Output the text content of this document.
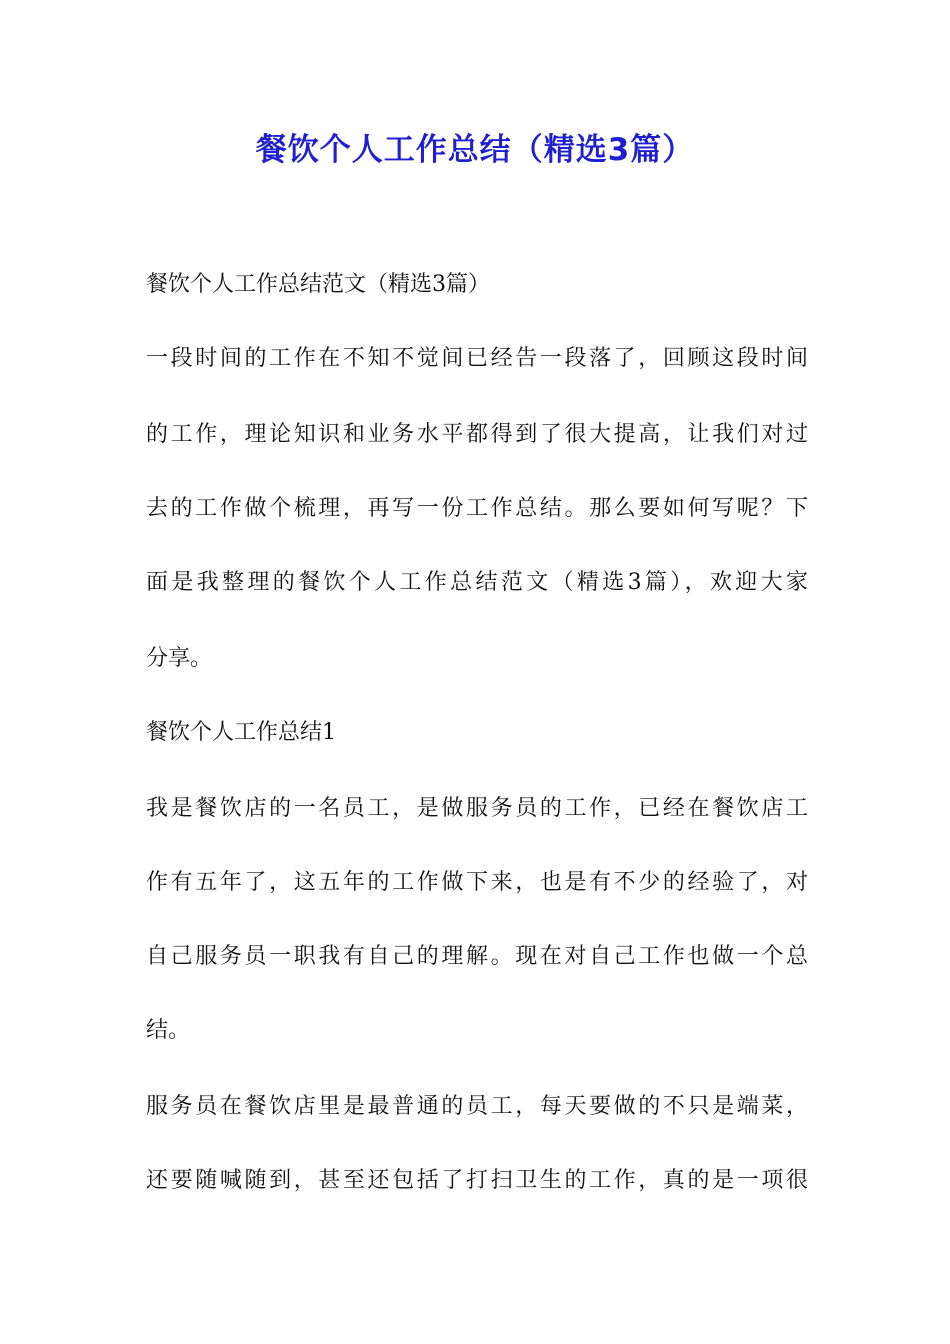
餐饮个人工作总结（精选3篇）
餐饮个人工作总结范文（精选3篇）
一段时间的工作在不知不觉间已经告一段落了，回顾这段时间
的工作，理论知识和业务水平都得到了很大提高，让我们对过
去的工作做个梳理，再写一份工作总结。那么要如何写呢？下
面是我整理的餐饮个人工作总结范文（精选3篇），欢迎大家
分享。
餐饮个人工作总结1
我是餐饮店的一名员工，是做服务员的工作，已经在餐饮店工
作有五年了，这五年的工作做下来，也是有不少的经验了，对
自己服务员一职我有自己的理解。现在对自己工作也做一个总
结。
服务员在餐饮店里是最普通的员工，每天要做的不只是端菜，
还要随喊随到，甚至还包括了打扫卫生的工作，真的是一项很
